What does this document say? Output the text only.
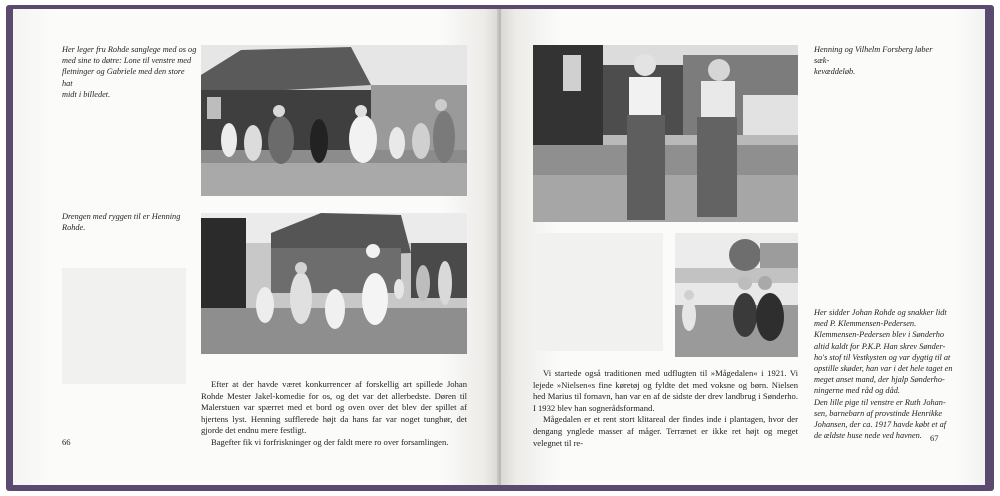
Her leger fru Rohde sanglege med os og
med sine to døtre: Lone til venstre med
fletninger og Gabriele med den store hat
midt i billedet.
Drengen med ryggen til er Henning Rohde.

Efter at der havde været konkurrencer af forskellig art spillede Johan Rohde Mester Jakel-komedie for os, og det var det allerbedste. Døren til Malerstuen var spærret med et bord og oven over det blev der spillet af hjertens lyst. Henning sufflerede højt da hans far var noget tunghør, det gjorde det endnu mere festligt.

Bagefter fik vi forfriskninger og der faldt mere ro over forsamlingen.

66
Henning og Vilhelm Forsberg løber sæk-
kevæddeløb.
Her sidder Johan Rohde og snakker lidt
med P. Klemmensen-Pedersen.
Klemmensen-Pedersen blev i Sønderho
altid kaldt for P.K.P. Han skrev Sønder-
ho's stof til Vestkysten og var dygtig til at
opstille skøder, han var i det hele taget en
meget anset mand, der hjalp Sønderho-
ningerne med råd og dåd.
Den lille pige til venstre er Ruth Johan-
sen, barnebarn af provstinde Henrikke
Johansen, der ca. 1917 havde købt et af
de ældste huse nede ved havnen.

Vi startede også traditionen med udflugten til »Mågedalen« i 1921. Vi lejede »Nielsen«s fine køretøj og fyldte det med voksne og børn. Nielsen hed Marius til fornavn, han var en af de sidste der drev landbrug i Sønderho. I 1932 blev han sognerådsformand.

Mågedalen er et rent stort klitareal der findes inde i plantagen, hvor der dengang ynglede masser af måger. Terrænet er ikke ret højt og meget velegnet til re-	67
